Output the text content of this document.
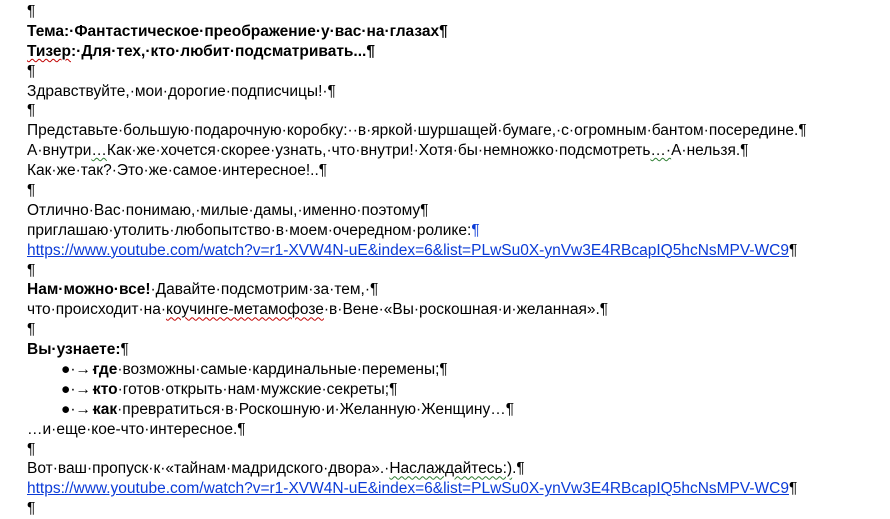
¶
Тема:·Фантастическое·преображение·у·вас·на·глазах¶
Тизер:·Для·тех,·кто·любит·подсматривать...¶
¶
Здравствуйте,·мои·дорогие·подписчицы!·¶
¶
Представьте·большую·подарочную·коробку:··в·яркой·шуршащей·бумаге,·с·огромным·бантом·посередине.¶
А·внутри…Как·же·хочется·скорее·узнать,·что·внутри!·Хотя·бы·немножко·подсмотреть…·А·нельзя.¶
Как·же·так?·Это·же·самое·интересное!..¶
¶
Отлично·Вас·понимаю,·милые·дамы,·именно·поэтому¶
приглашаю·утолить·любопытство·в·моем·очередном·ролике:¶
https://www.youtube.com/watch?v=r1-XVW4N-uE&index=6&list=PLwSu0X-ynVw3E4RBcapIQ5hcNsMPV-WC9¶
¶
Нам·можно·все!·Давайте·подсмотрим·за·тем,·¶
что·происходит·на·коучинге-метамофозе·в·Вене·«Вы·роскошная·и·желанная».¶
¶
Вы·узнаете:¶
●·→·где·возможны·самые·кардинальные·перемены;¶
●·→·кто·готов·открыть·нам·мужские·секреты;¶
●·→·как·превратиться·в·Роскошную·и·Желанную·Женщину…¶
…и·еще·кое-что·интересное.¶
¶
Вот·ваш·пропуск·к·«тайнам·мадридского·двора».·Наслаждайтесь:).¶
https://www.youtube.com/watch?v=r1-XVW4N-uE&index=6&list=PLwSu0X-ynVw3E4RBcapIQ5hcNsMPV-WC9¶
¶
